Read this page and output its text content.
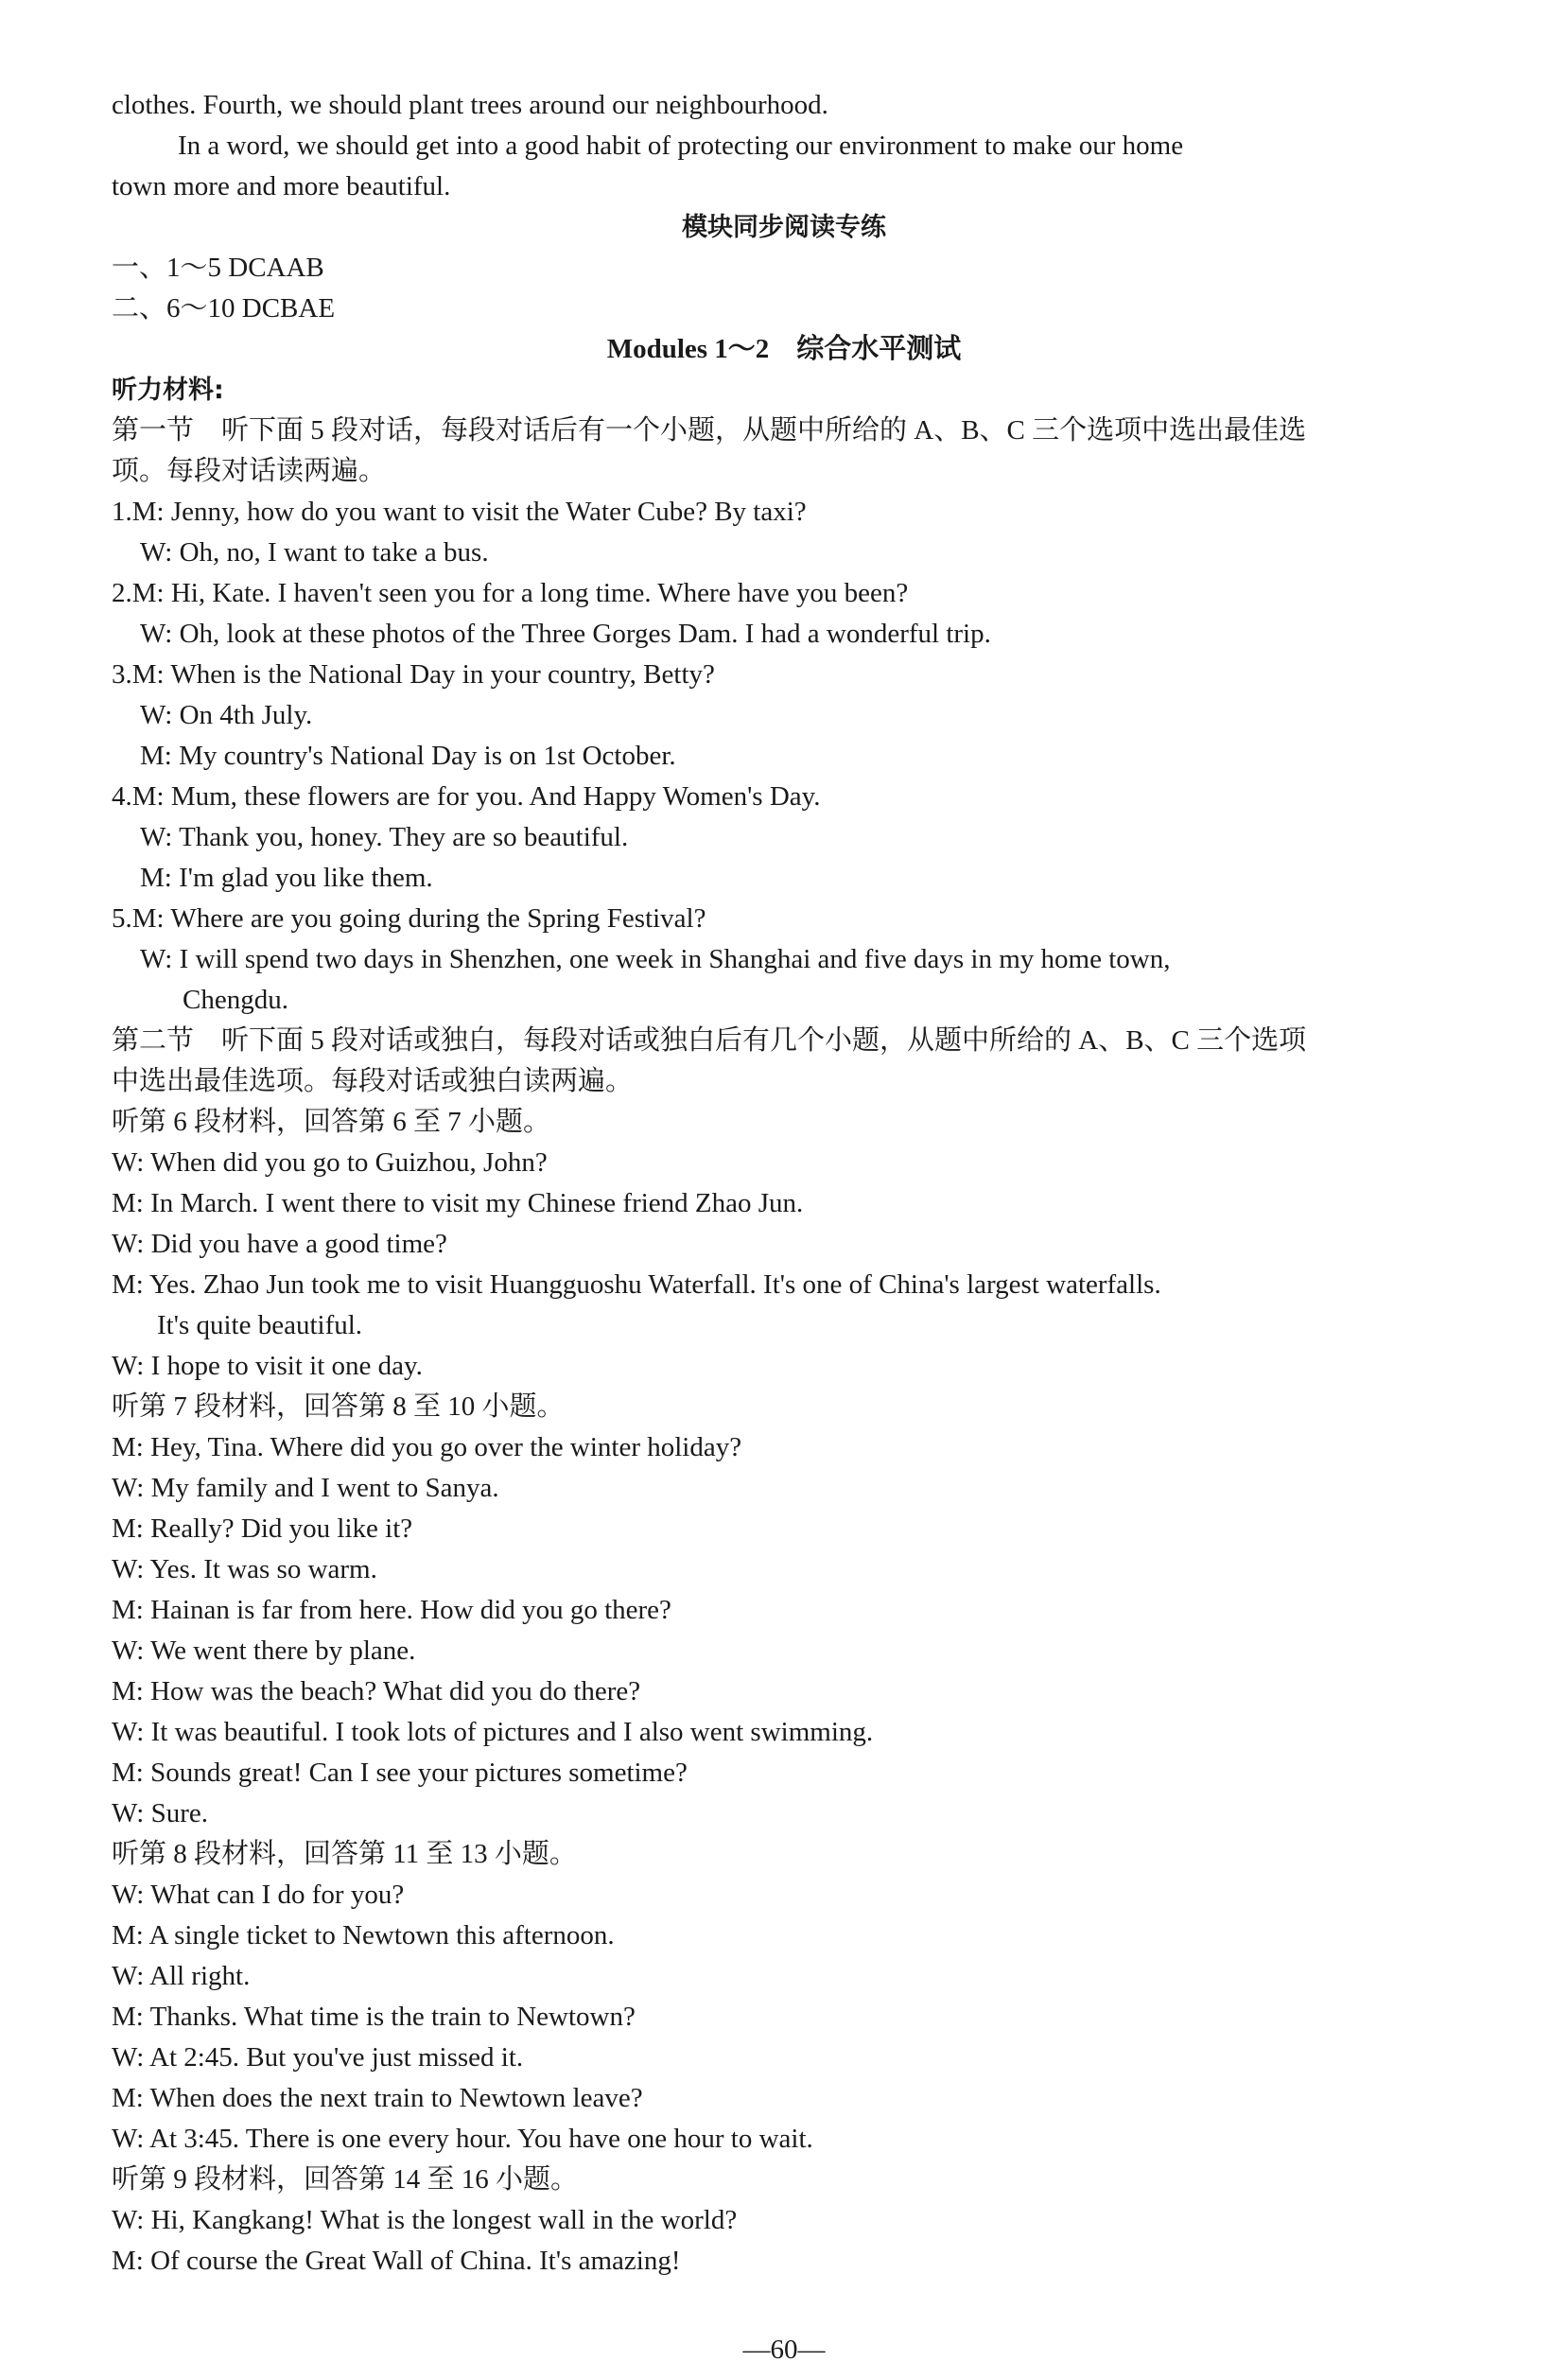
clothes. Fourth, we should plant trees around our neighbourhood.
In a word, we should get into a good habit of protecting our environment to make our home
town more and more beautiful.
模块同步阅读专练
一、1～5 DCAAB
二、6～10 DCBAE
Modules 1～2　综合水平测试
听力材料:
第一节　听下面 5 段对话，每段对话后有一个小题，从题中所给的 A、B、C 三个选项中选出最佳选
项。每段对话读两遍。
1.M: Jenny, how do you want to visit the Water Cube? By taxi?
W: Oh, no, I want to take a bus.
2.M: Hi, Kate. I haven't seen you for a long time. Where have you been?
W: Oh, look at these photos of the Three Gorges Dam. I had a wonderful trip.
3.M: When is the National Day in your country, Betty?
W: On 4th July.
M: My country's National Day is on 1st October.
4.M: Mum, these flowers are for you. And Happy Women's Day.
W: Thank you, honey. They are so beautiful.
M: I'm glad you like them.
5.M: Where are you going during the Spring Festival?
W: I will spend two days in Shenzhen, one week in Shanghai and five days in my home town,
Chengdu.
第二节　听下面 5 段对话或独白，每段对话或独白后有几个小题，从题中所给的 A、B、C 三个选项
中选出最佳选项。每段对话或独白读两遍。
听第 6 段材料，回答第 6 至 7 小题。
W: When did you go to Guizhou, John?
M: In March. I went there to visit my Chinese friend Zhao Jun.
W: Did you have a good time?
M: Yes. Zhao Jun took me to visit Huangguoshu Waterfall. It's one of China's largest waterfalls.
It's quite beautiful.
W: I hope to visit it one day.
听第 7 段材料，回答第 8 至 10 小题。
M: Hey, Tina. Where did you go over the winter holiday?
W: My family and I went to Sanya.
M: Really? Did you like it?
W: Yes. It was so warm.
M: Hainan is far from here. How did you go there?
W: We went there by plane.
M: How was the beach? What did you do there?
W: It was beautiful. I took lots of pictures and I also went swimming.
M: Sounds great! Can I see your pictures sometime?
W: Sure.
听第 8 段材料，回答第 11 至 13 小题。
W: What can I do for you?
M: A single ticket to Newtown this afternoon.
W: All right.
M: Thanks. What time is the train to Newtown?
W: At 2:45. But you've just missed it.
M: When does the next train to Newtown leave?
W: At 3:45. There is one every hour. You have one hour to wait.
听第 9 段材料，回答第 14 至 16 小题。
W: Hi, Kangkang! What is the longest wall in the world?
M: Of course the Great Wall of China. It's amazing!
—60—
